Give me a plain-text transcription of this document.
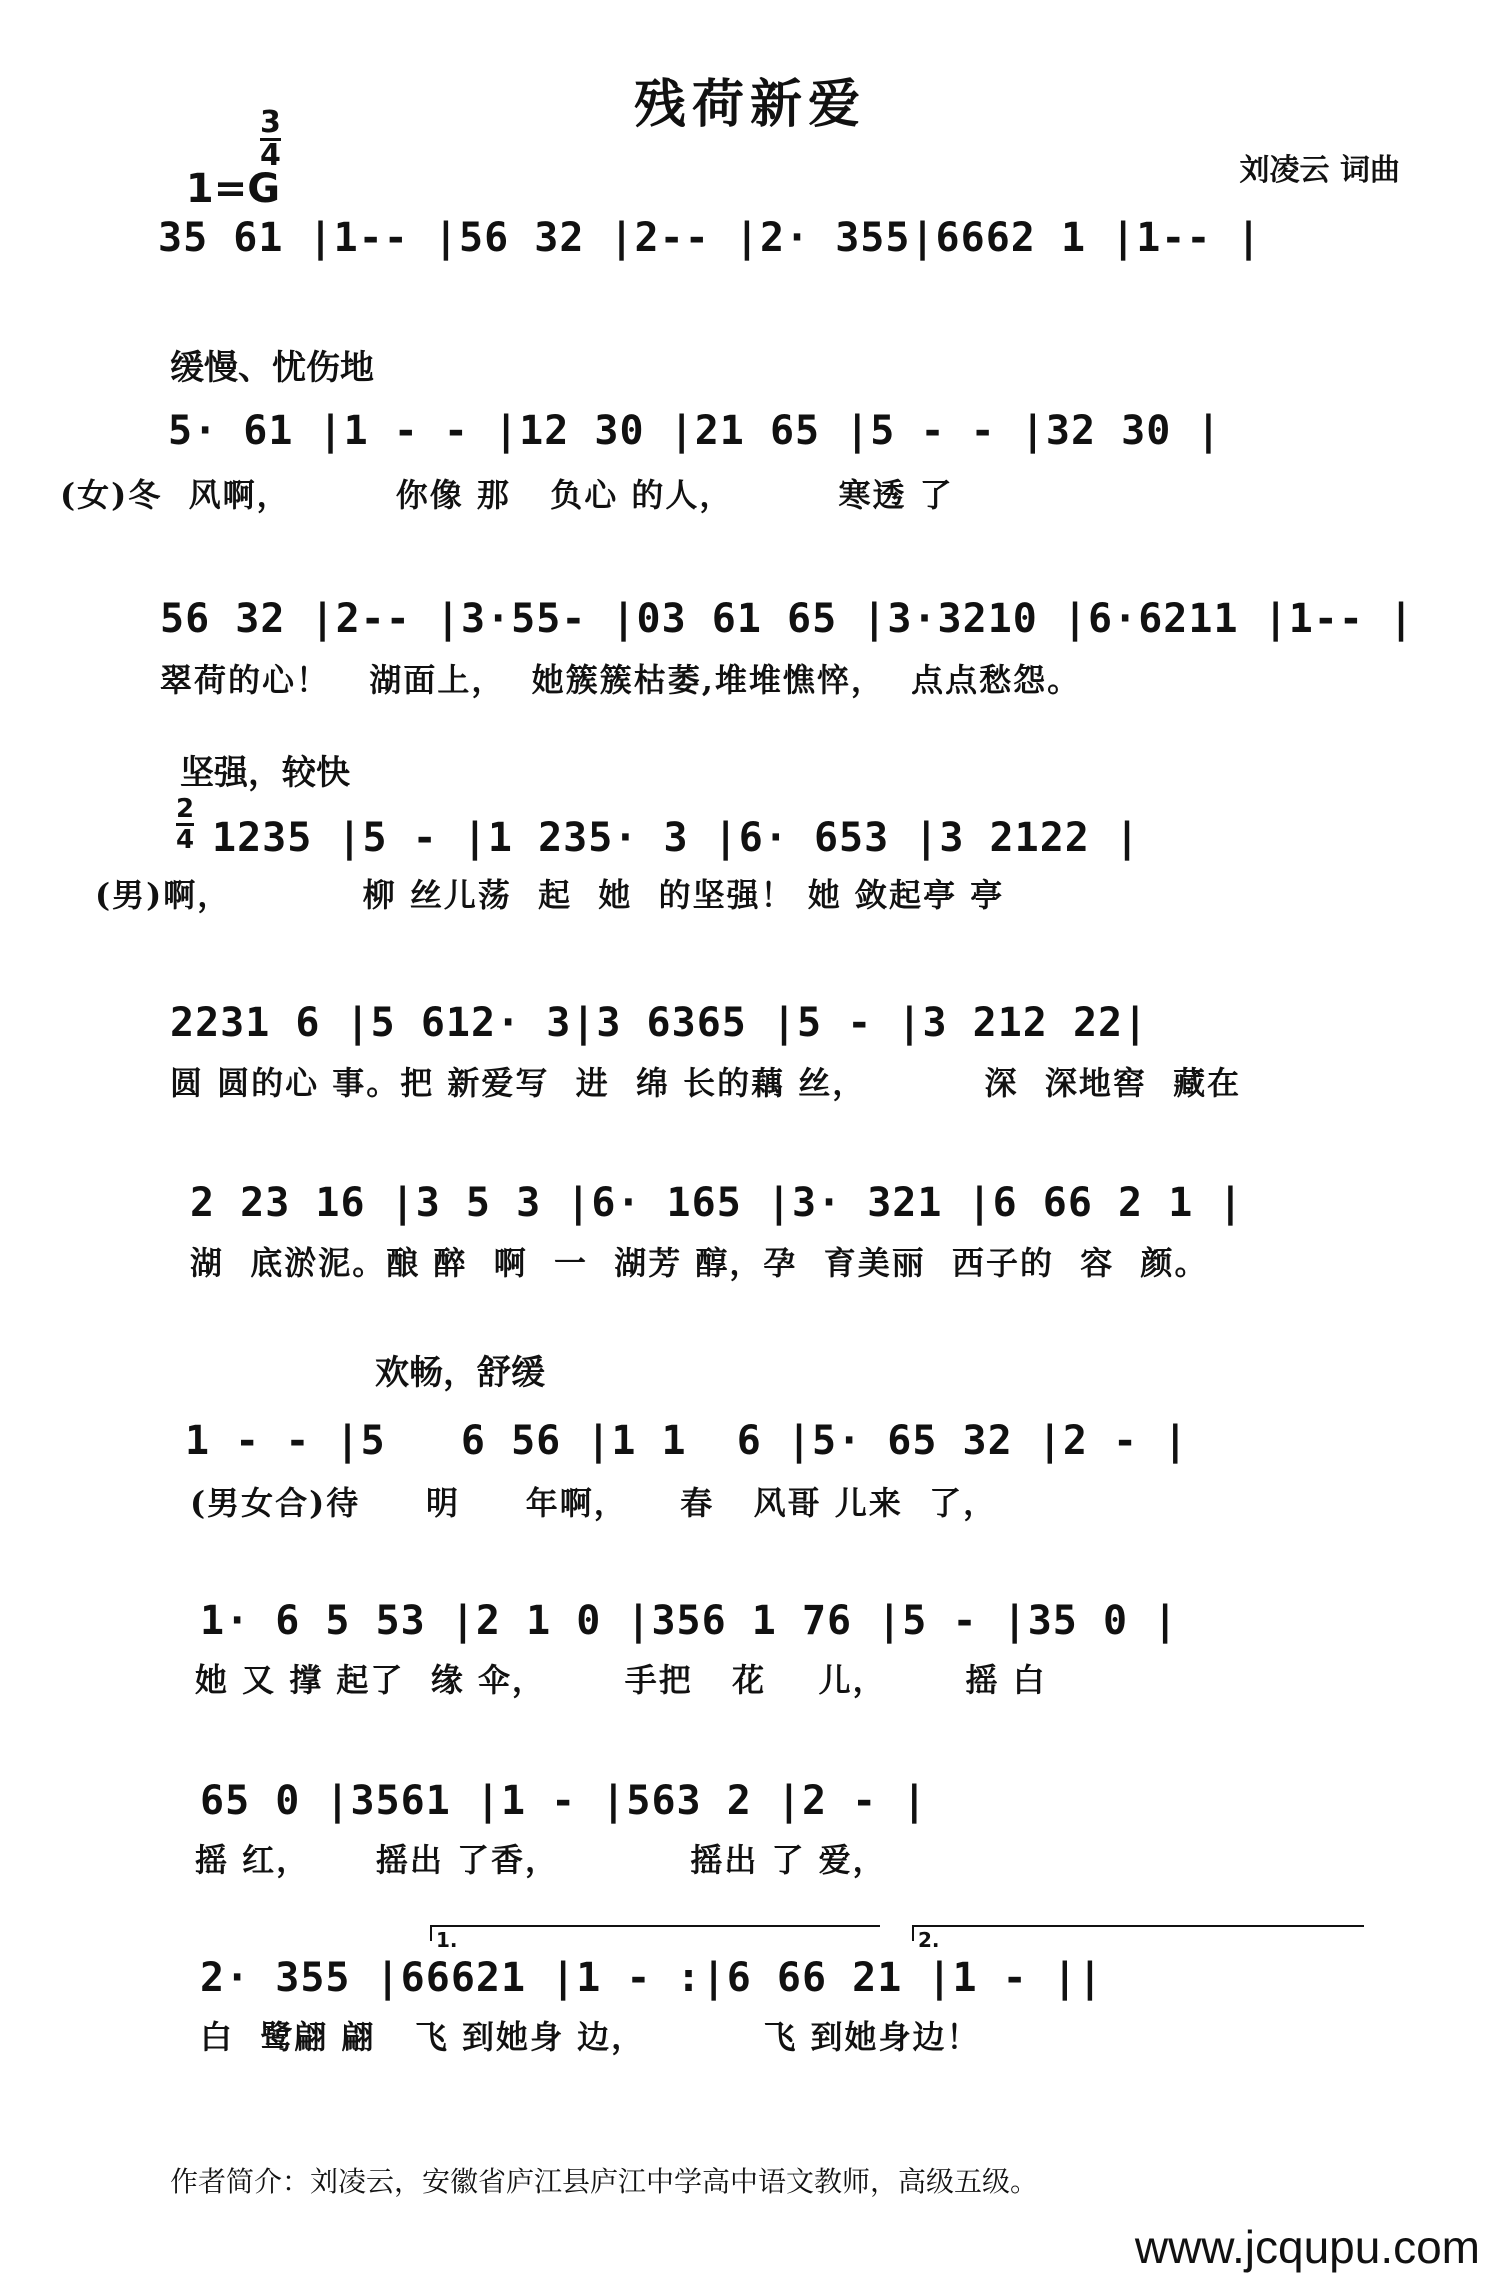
残荷新爱

1=G

$\frac{3}{4}$	刘凌云 词曲
35 61 |1-- |56 32 |2-- |2· 355|6662 1 |1-- |
缓慢、忧伤地
5· 61 |1 - - |12 30 |21 65 |5 - - |32 30 |
(女)冬  风啊，        你像 那   负心 的人，        寒透 了
56 32 |2-- |3·55- |03 61 65 |3·3210 |6·6211 |1-- |
翠荷的心！   湖面上，  她簇簇枯萎,堆堆憔悴，  点点愁怨。
坚强，较快
$\frac{2}{4} 1235$ |5 - |1 235· 3 |6· 653 |3 2122 |
(男)啊，          柳 丝儿荡  起  她  的坚强！ 她 敛起亭 亭
2231 6 |5 612· 3|3 6365 |5 - |3 212 22|
圆 圆的心 事。把 新爱写  进  绵 长的藕 丝，         深  深地窖  藏在
2 23 16 |3 5 3 |6· 165 |3· 321 |6 66 2 1 |
湖  底淤泥。酿 醉  啊  一  湖芳 醇，孕  育美丽  西子的  容  颜。
欢畅，舒缓
1 - - |5   6 56 |1 1  6 |5· 65 32 |2 - |
(男女合)待     明     年啊，    春   风哥 儿来  了，
1· 6 5 53 |2 1 0 |356 1 76 |5 - |35 0 |
她 又 撑 起了  缘 伞，      手把   花    儿，      摇 白
65 0 |3561 |1 - |563 2 |2 - |
摇 红，     摇出 了香，          摇出 了 爱，
1.	2.
2· 355 |66621 |1 - :|6 66 21 |1 - ||
白  鹭翩 翩   飞 到她身 边，         飞 到她身边！
作者简介：刘凌云，安徽省庐江县庐江中学高中语文教师，高级五级。
www.jcqupu.com
